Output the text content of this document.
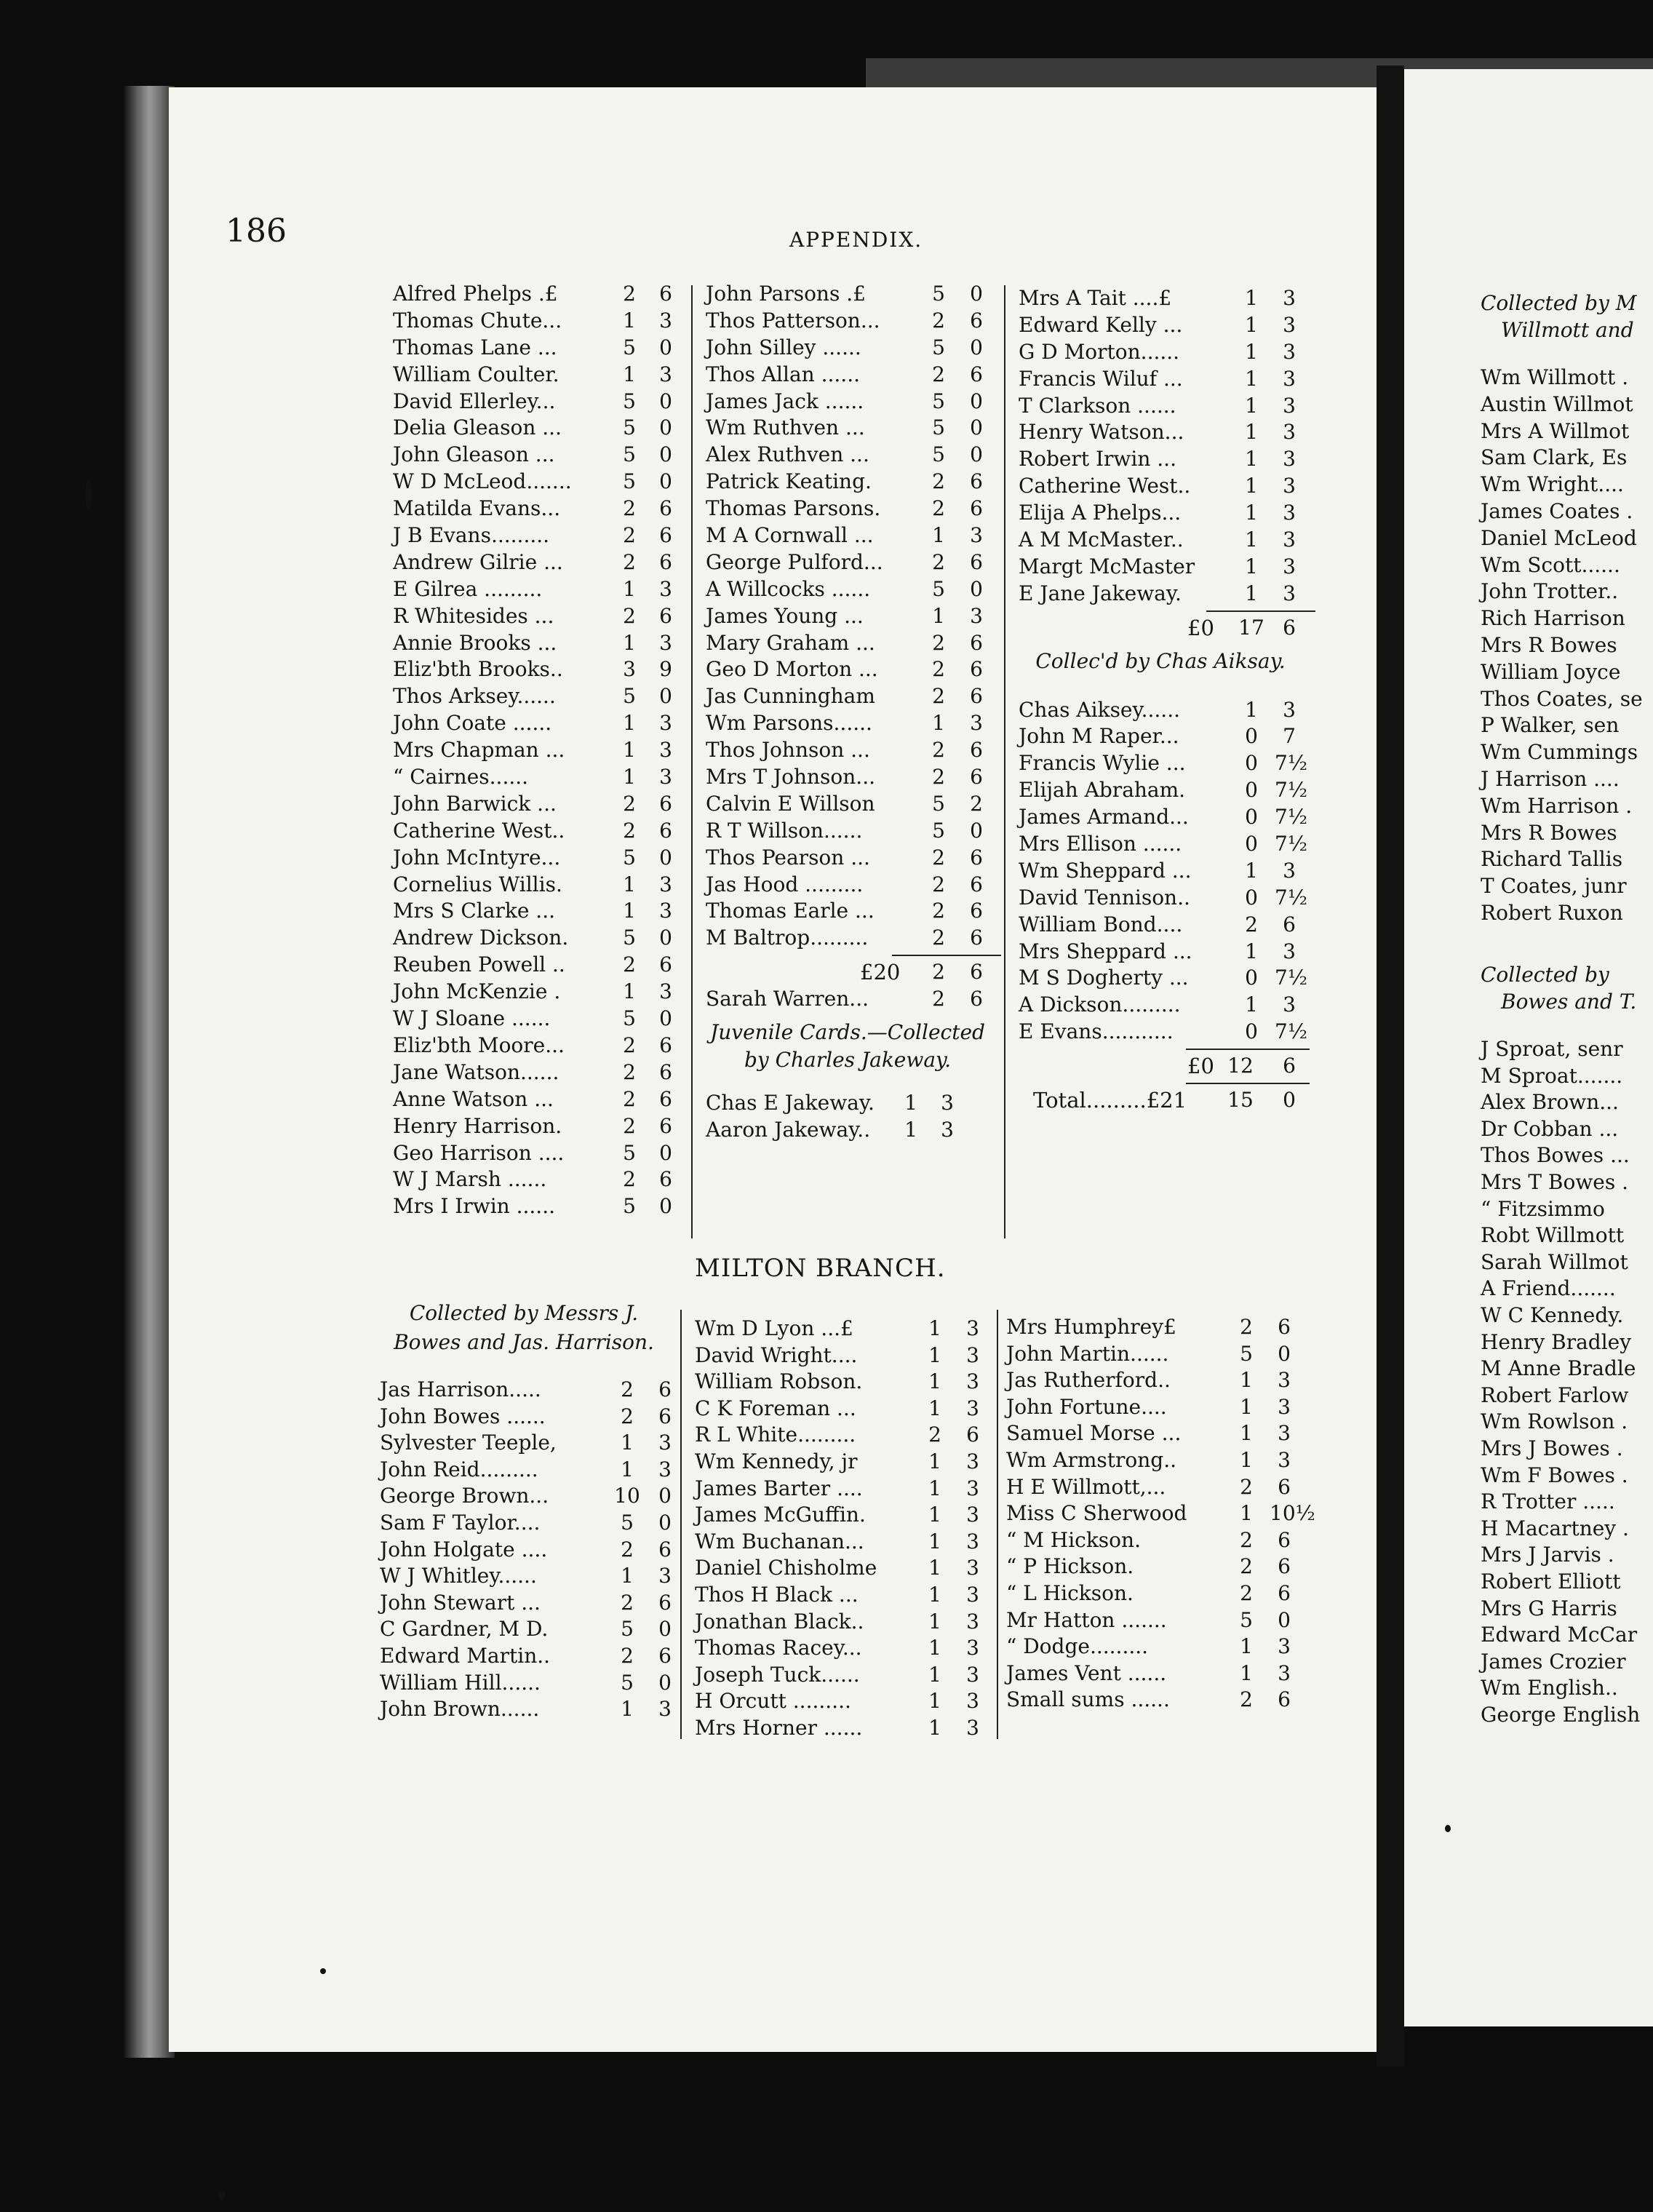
Collected by M
Willmott and
Wm Willmott .
Austin Willmot
Mrs A Willmot
Sam Clark, Es
Wm Wright....
James Coates .
Daniel McLeod
Wm Scott......
John Trotter..
Rich Harrison
Mrs R Bowes
William Joyce
Thos Coates, se
P Walker, sen
Wm Cummings
J Harrison ....
Wm Harrison .
Mrs R Bowes
Richard Tallis
T Coates, junr
Robert Ruxon
Collected by
Bowes and T.
J Sproat, senr
M Sproat.......
Alex Brown...
Dr Cobban ...
Thos Bowes ...
Mrs T Bowes .
“ Fitzsimmo
Robt Willmott
Sarah Willmot
A Friend.......
W C Kennedy.
Henry Bradley
M Anne Bradle
Robert Farlow
Wm Rowlson .
Mrs J Bowes .
Wm F Bowes .
R Trotter .....
H Macartney .
Mrs J Jarvis .
Robert Elliott
Mrs G Harris
Edward McCar
James Crozier
Wm English..
George English
186	APPENDIX.
Alfred Phelps .£	2	6
Thomas Chute...	1	3
Thomas Lane ...	5	0
William Coulter.	1	3
David Ellerley...	5	0
Delia Gleason ...	5	0
John Gleason ...	5	0
W D McLeod.......	5	0
Matilda Evans...	2	6
J B Evans.........	2	6
Andrew Gilrie ...	2	6
E Gilrea .........	1	3
R Whitesides ...	2	6
Annie Brooks ...	1	3
Eliz'bth Brooks..	3	9
Thos Arksey......	5	0
John Coate ......	1	3
Mrs Chapman ...	1	3
“ Cairnes......	1	3
John Barwick ...	2	6
Catherine West..	2	6
John McIntyre...	5	0
Cornelius Willis.	1	3
Mrs S Clarke ...	1	3
Andrew Dickson.	5	0
Reuben Powell ..	2	6
John McKenzie .	1	3
W J Sloane ......	5	0
Eliz'bth Moore...	2	6
Jane Watson......	2	6
Anne Watson ...	2	6
Henry Harrison.	2	6
Geo Harrison ....	5	0
W J Marsh ......	2	6
Mrs I Irwin ......	5	0
John Parsons .£	5	0
Thos Patterson...	2	6
John Silley ......	5	0
Thos Allan ......	2	6
James Jack ......	5	0
Wm Ruthven ...	5	0
Alex Ruthven ...	5	0
Patrick Keating.	2	6
Thomas Parsons.	2	6
M A Cornwall ...	1	3
George Pulford...	2	6
A Willcocks ......	5	0
James Young ...	1	3
Mary Graham ...	2	6
Geo D Morton ...	2	6
Jas Cunningham	2	6
Wm Parsons......	1	3
Thos Johnson ...	2	6
Mrs T Johnson...	2	6
Calvin E Willson	5	2
R T Willson......	5	0
Thos Pearson ...	2	6
Jas Hood .........	2	6
Thomas Earle ...	2	6
M Baltrop.........	2	6
£20	2	6
Sarah Warren...	2	6
Juvenile Cards.—Collected by Charles Jakeway.
Chas E Jakeway.	1	3
Aaron Jakeway..	1	3
Mrs A Tait ....£	1	3
Edward Kelly ...	1	3
G D Morton......	1	3
Francis Wiluf ...	1	3
T Clarkson ......	1	3
Henry Watson...	1	3
Robert Irwin ...	1	3
Catherine West..	1	3
Elija A Phelps...	1	3
A M McMaster..	1	3
Margt McMaster	1	3
E Jane Jakeway.	1	3
£0 17 6
Collec'd by Chas Aiksay.
Chas Aiksey......	1	3
John M Raper...	0	7
Francis Wylie ...	0 7½
Elijah Abraham.	0 7½
James Armand...	0 7½
Mrs Ellison ......	0 7½
Wm Sheppard ...	1	3
David Tennison..	0 7½
William Bond....	2	6
Mrs Sheppard ...	1	3
M S Dogherty ...	0 7½
A Dickson.........	1	3
E Evans...........	0 7½
£0 12	6
Total.........£21 15	0
Jas Harrison.....	2	6
John Bowes ......	2	6
Sylvester Teeple,	1	3
John Reid.........	1	3
George Brown...	10 0
Sam F Taylor....	5	0
John Holgate ....	2	6
W J Whitley......	1	3
John Stewart ...	2	6
C Gardner, M D.	5	0
Edward Martin..	2	6
William Hill......	5	0
John Brown......	1	3
Wm D Lyon ...£	1	3
David Wright....	1	3
William Robson.	1	3
C K Foreman ...	1	3
R L White.........	2	6
Wm Kennedy, jr	1	3
James Barter ....	1	3
James McGuffin.	1	3
Wm Buchanan...	1	3
Daniel Chisholme	1	3
Thos H Black ...	1	3
Jonathan Black..	1	3
Thomas Racey...	1	3
Joseph Tuck......	1	3
H Orcutt .........	1	3
Mrs Horner ......	1	3
Mrs Humphrey£	2	6
John Martin......	5	0
Jas Rutherford..	1	3
John Fortune....	1	3
Samuel Morse ...	1	3
Wm Armstrong..	1	3
H E Willmott,...	2	6
Miss C Sherwood	1 10½
“ M Hickson.	2	6
“ P Hickson.	2	6
“ L Hickson.	2	6
Mr Hatton .......	5	0
“ Dodge.........	1	3
James Vent ......	1	3
Small sums ......	2	6
MILTON BRANCH.
Collected by Messrs J. Bowes and Jas. Harrison.
